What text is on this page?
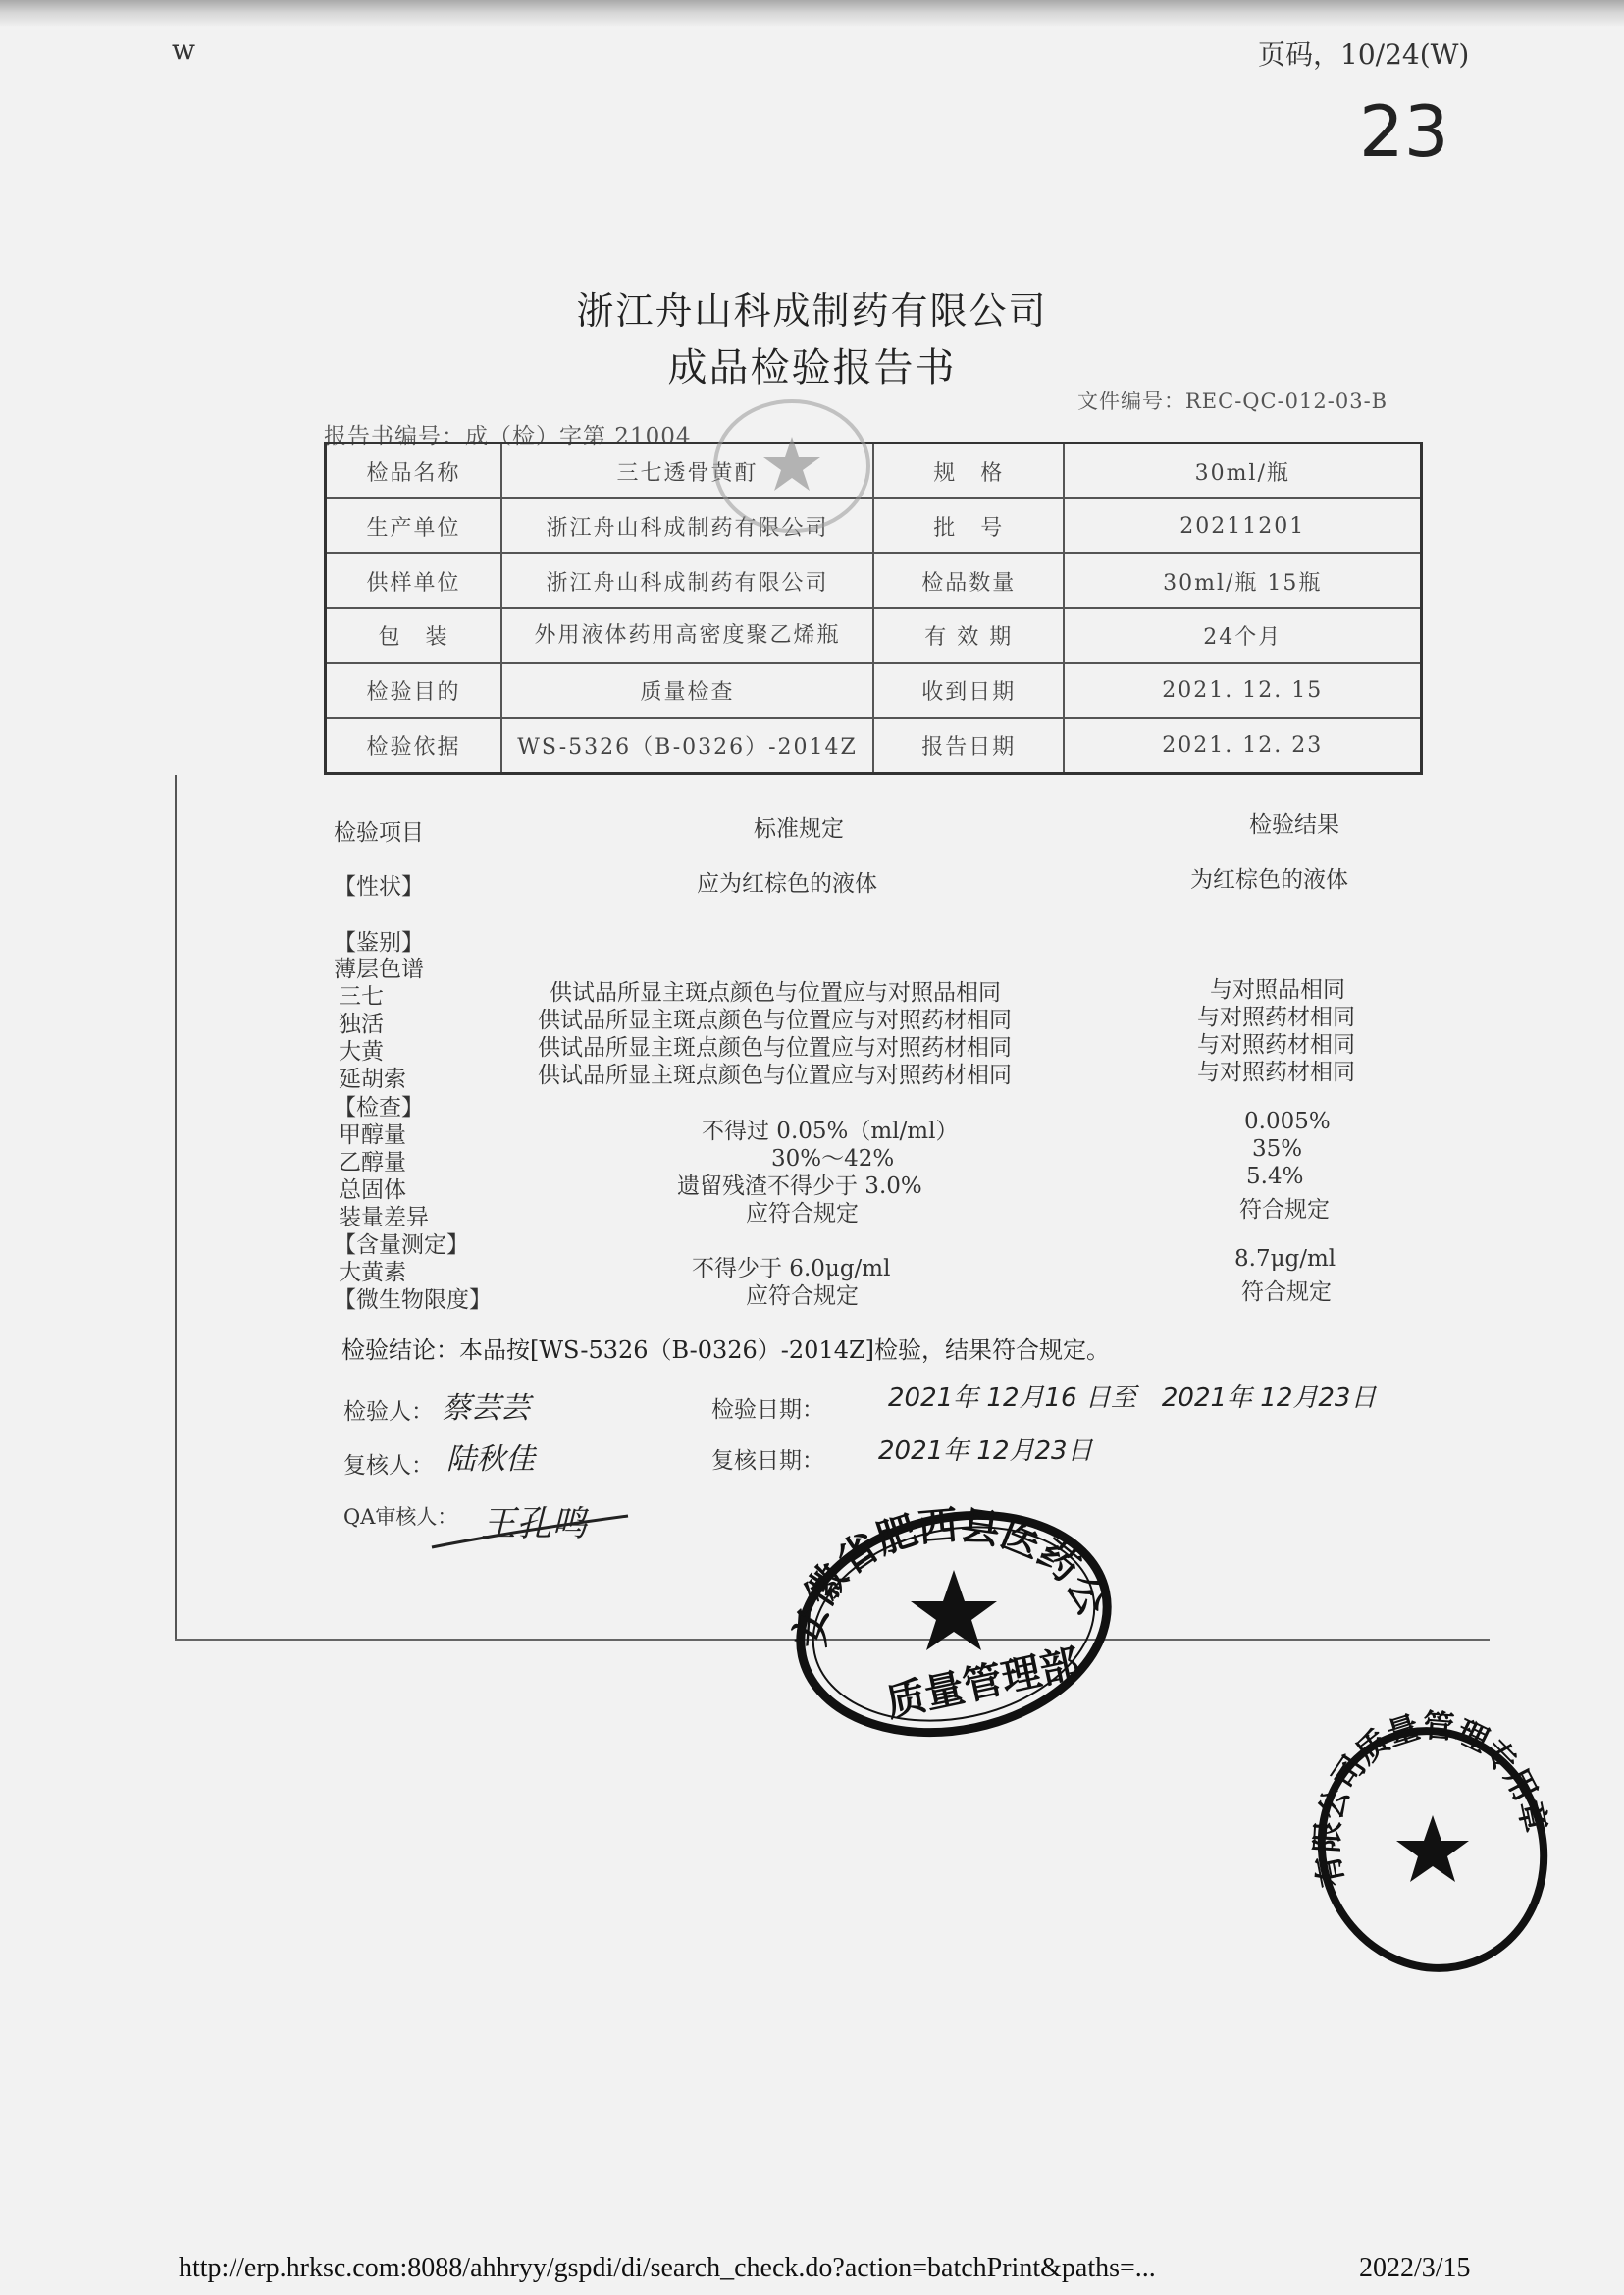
w	页码，10/24(W)
23
浙江舟山科成制药有限公司
成品检验报告书
文件编号：REC-QC-012-03-B
报告书编号：成（检）字第 21004
检品名称	三七透骨黄酊	规　格	30ml/瓶
生产单位	浙江舟山科成制药有限公司	批　号	20211201
供样单位	浙江舟山科成制药有限公司	检品数量	30ml/瓶 15瓶
包　装	外用液体药用高密度聚乙烯瓶	有 效 期	24个月
检验目的	质量检查	收到日期	2021. 12. 15
检验依据	WS-5326（B-0326）-2014Z	报告日期	2021. 12. 23
检验项目	标准规定	检验结果
【性状】	应为红棕色的液体	为红棕色的液体
【鉴别】
薄层色谱
三七	供试品所显主斑点颜色与位置应与对照品相同	与对照品相同
独活	供试品所显主斑点颜色与位置应与对照药材相同	与对照药材相同
大黄	供试品所显主斑点颜色与位置应与对照药材相同	与对照药材相同
延胡索	供试品所显主斑点颜色与位置应与对照药材相同	与对照药材相同
【检查】
甲醇量	不得过 0.05%（ml/ml）	0.005%
乙醇量	30%～42%	35%
总固体	遗留残渣不得少于 3.0%	5.4%
装量差异	应符合规定	符合规定
【含量测定】
大黄素	不得少于 6.0μg/ml	8.7μg/ml
【微生物限度】	应符合规定	符合规定
检验结论：本品按[WS-5326（B-0326）-2014Z]检验，结果符合规定。
检验人： 蔡芸芸	检验日期：	2021年 12月16 日至　2021年 12月23日
复核人： 陆秋佳	复核日期： 2021年 12月23日
QA审核人： 王孔鸣
安徽省肥西县医药公司
质量管理部
有限公司质量管理专用章
http://erp.hrksc.com:8088/ahhryy/gspdi/di/search_check.do?action=batchPrint&paths=...	2022/3/15
